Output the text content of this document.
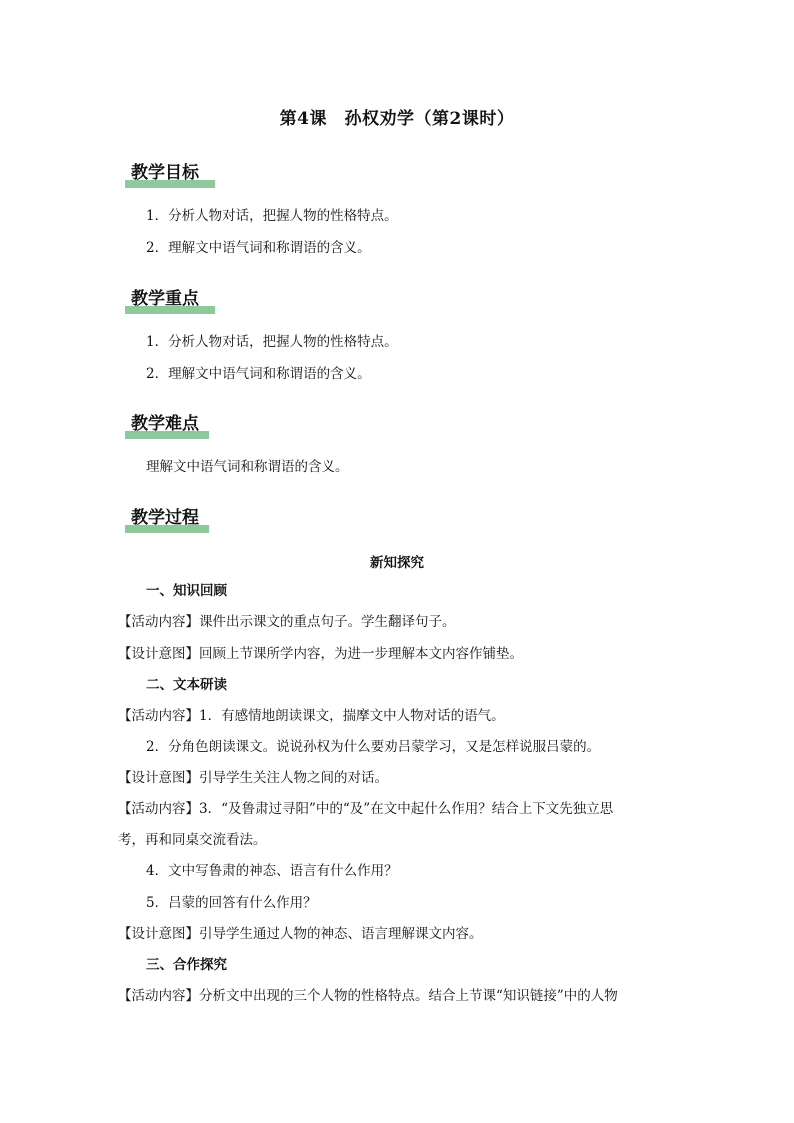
第4课　孙权劝学（第2课时）
教学目标
1．分析人物对话，把握人物的性格特点。
2．理解文中语气词和称谓语的含义。
教学重点
1．分析人物对话，把握人物的性格特点。
2．理解文中语气词和称谓语的含义。
教学难点
理解文中语气词和称谓语的含义。
教学过程
新知探究
一、知识回顾
【活动内容】课件出示课文的重点句子。学生翻译句子。
【设计意图】回顾上节课所学内容，为进一步理解本文内容作铺垫。
二、文本研读
【活动内容】1．有感情地朗读课文，揣摩文中人物对话的语气。
2．分角色朗读课文。说说孙权为什么要劝吕蒙学习，又是怎样说服吕蒙的。
【设计意图】引导学生关注人物之间的对话。
【活动内容】3．“及鲁肃过寻阳”中的“及”在文中起什么作用？结合上下文先独立思
考，再和同桌交流看法。
4．文中写鲁肃的神态、语言有什么作用？
5．吕蒙的回答有什么作用？
【设计意图】引导学生通过人物的神态、语言理解课文内容。
三、合作探究
【活动内容】分析文中出现的三个人物的性格特点。结合上节课“知识链接”中的人物
